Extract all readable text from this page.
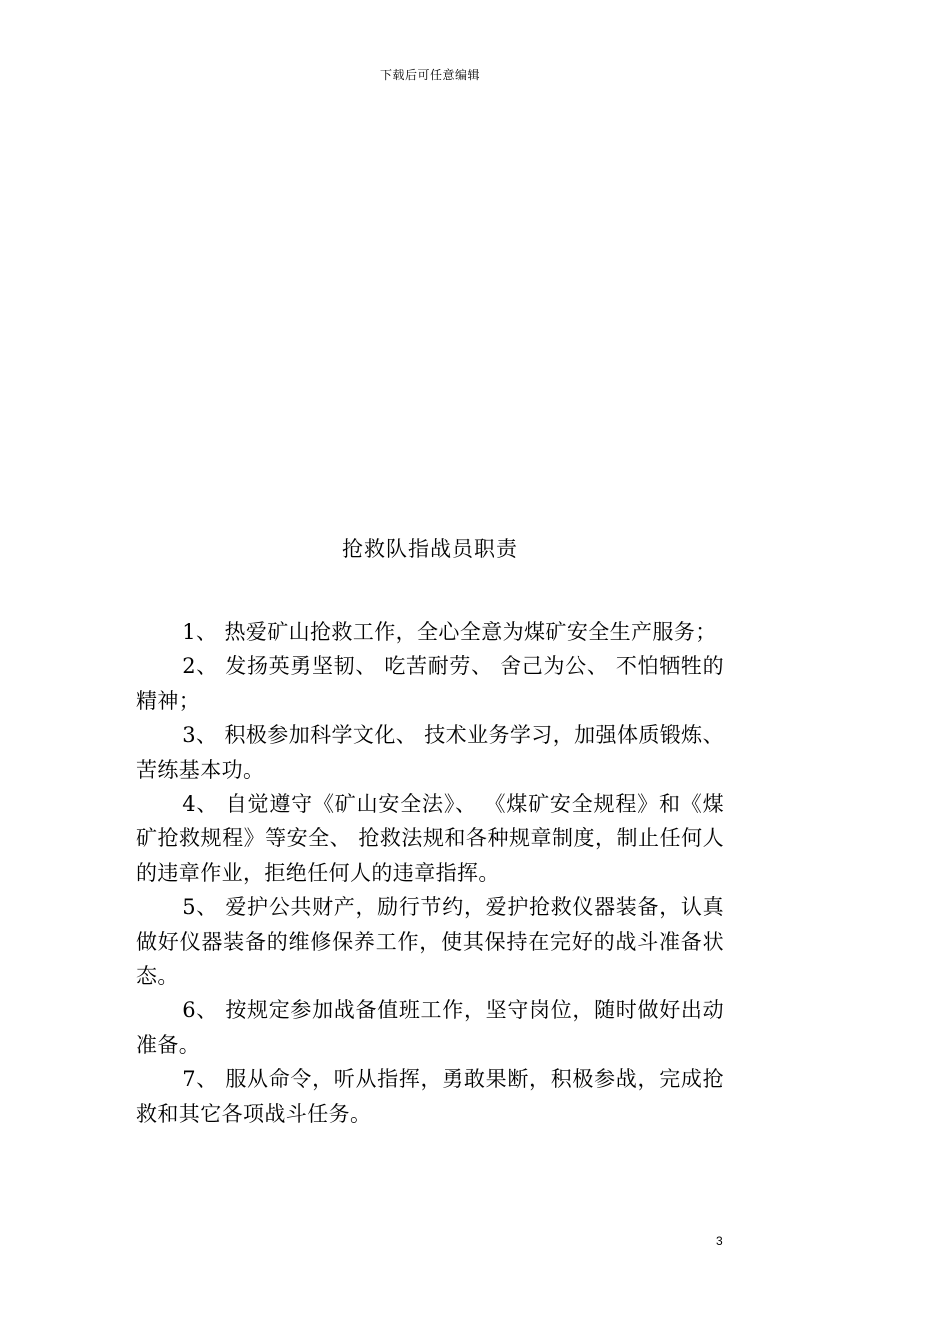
下载后可任意编辑
抢救队指战员职责
1、 热爱矿山抢救工作，全心全意为煤矿安全生产服务；
2、 发扬英勇坚韧、 吃苦耐劳、 舍己为公、 不怕牺牲的精神；
3、 积极参加科学文化、 技术业务学习，加强体质锻炼、 苦练基本功。
4、 自觉遵守《矿山安全法》、 《煤矿安全规程》和《煤矿抢救规程》等安全、 抢救法规和各种规章制度，制止任何人的违章作业，拒绝任何人的违章指挥。
5、 爱护公共财产，励行节约，爱护抢救仪器装备，认真做好仪器装备的维修保养工作，使其保持在完好的战斗准备状态。
6、 按规定参加战备值班工作，坚守岗位，随时做好出动准备。
7、 服从命令，听从指挥，勇敢果断，积极参战，完成抢救和其它各项战斗任务。
3
